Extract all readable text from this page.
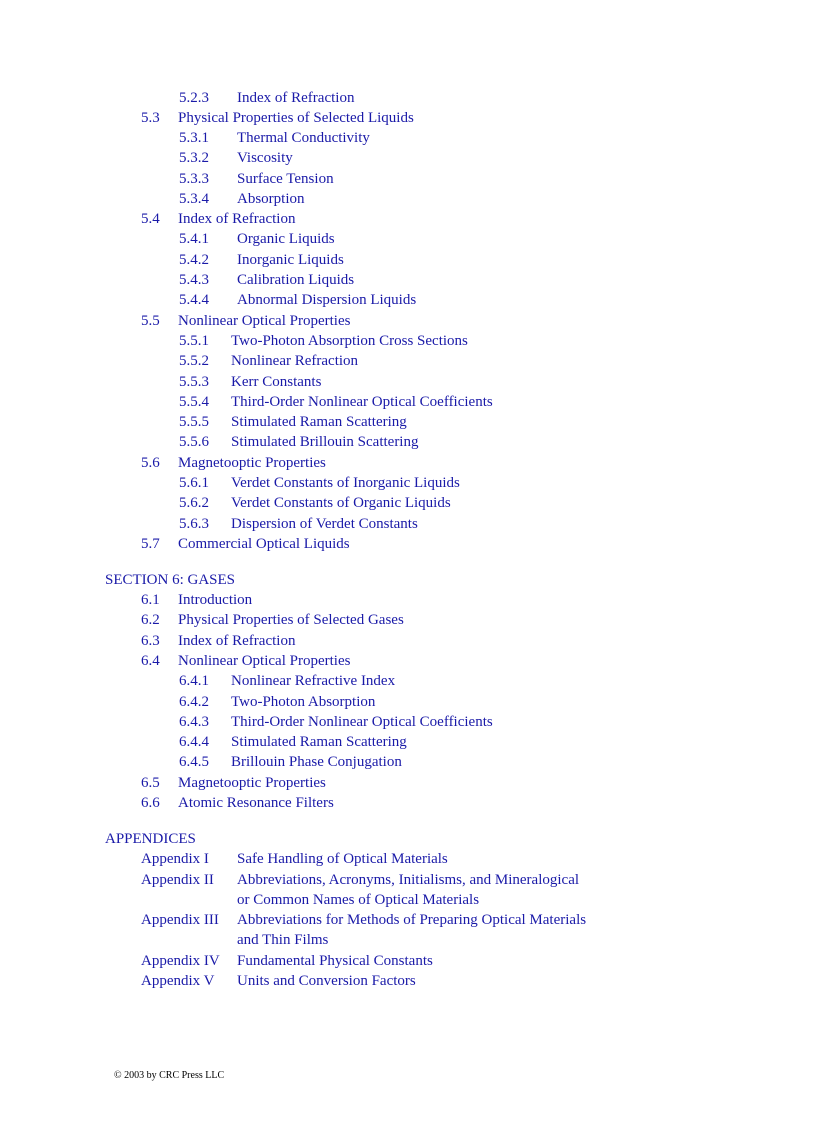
5.2.3 Index of Refraction
5.3 Physical Properties of Selected Liquids
5.3.1 Thermal Conductivity
5.3.2 Viscosity
5.3.3 Surface Tension
5.3.4 Absorption
5.4 Index of Refraction
5.4.1 Organic Liquids
5.4.2 Inorganic Liquids
5.4.3 Calibration Liquids
5.4.4 Abnormal Dispersion Liquids
5.5 Nonlinear Optical Properties
5.5.1 Two-Photon Absorption Cross Sections
5.5.2 Nonlinear Refraction
5.5.3 Kerr Constants
5.5.4 Third-Order Nonlinear Optical Coefficients
5.5.5 Stimulated Raman Scattering
5.5.6 Stimulated Brillouin Scattering
5.6 Magnetooptic Properties
5.6.1 Verdet Constants of Inorganic Liquids
5.6.2 Verdet Constants of Organic Liquids
5.6.3 Dispersion of Verdet Constants
5.7 Commercial Optical Liquids
SECTION 6: GASES
6.1 Introduction
6.2 Physical Properties of Selected Gases
6.3 Index of Refraction
6.4 Nonlinear Optical Properties
6.4.1 Nonlinear Refractive Index
6.4.2 Two-Photon Absorption
6.4.3 Third-Order Nonlinear Optical Coefficients
6.4.4 Stimulated Raman Scattering
6.4.5 Brillouin Phase Conjugation
6.5 Magnetooptic Properties
6.6 Atomic Resonance Filters
APPENDICES
Appendix I Safe Handling of Optical Materials
Appendix II Abbreviations, Acronyms, Initialisms, and Mineralogical
or Common Names of Optical Materials
Appendix III Abbreviations for Methods of Preparing Optical Materials
and Thin Films
Appendix IV Fundamental Physical Constants
Appendix V Units and Conversion Factors
© 2003 by CRC Press LLC
